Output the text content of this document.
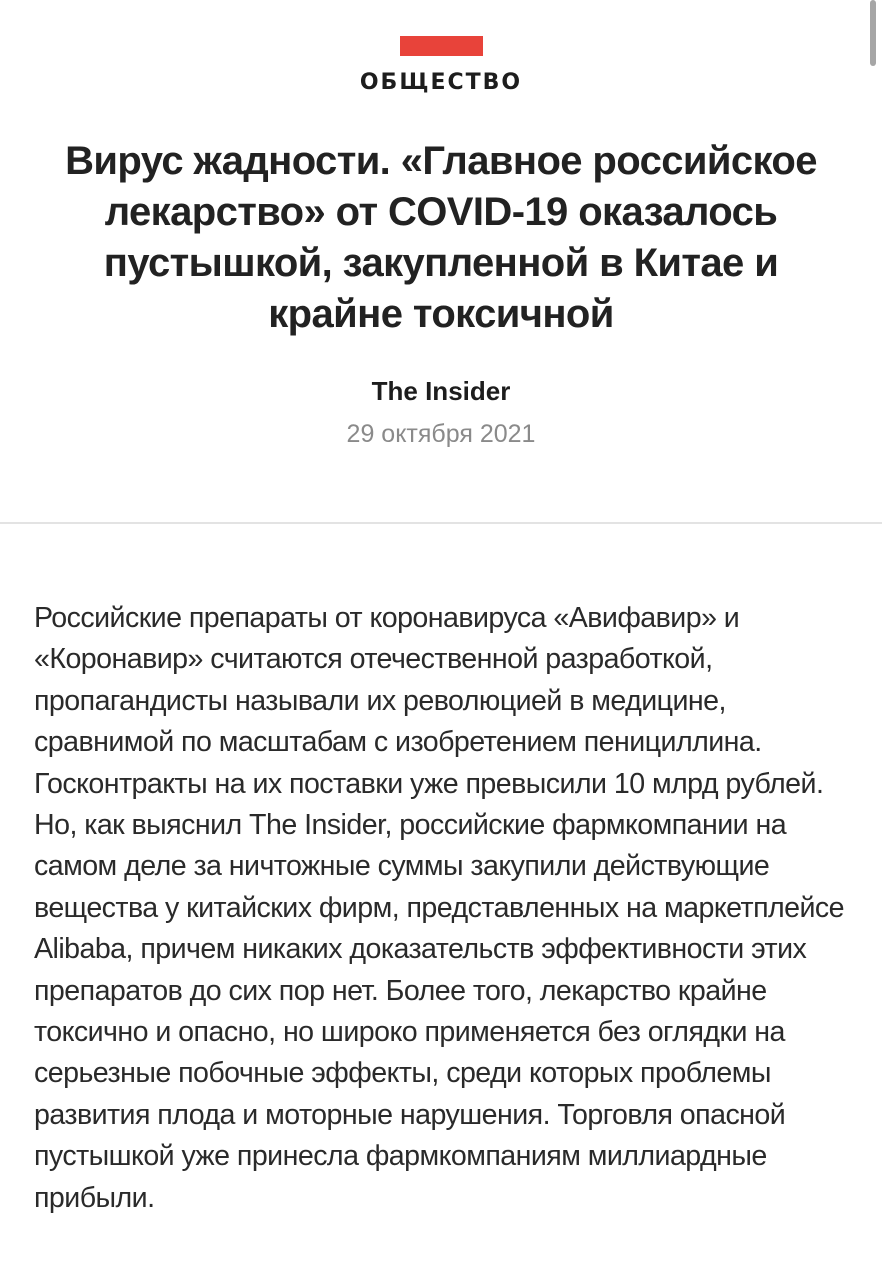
ОБЩЕСТВО
Вирус жадности. «Главное российское лекарство» от COVID-19 оказалось пустышкой, закупленной в Китае и крайне токсичной
The Insider
29 октября 2021

Российские препараты от коронавируса «Авифавир» и «Коронавир» считаются отечественной разработкой, пропагандисты называли их революцией в медицине, сравнимой по масштабам с изобретением пенициллина. Госконтракты на их поставки уже превысили 10 млрд рублей. Но, как выяснил The Insider, российские фармкомпании на самом деле за ничтожные суммы закупили действующие вещества у китайских фирм, представленных на маркетплейсе Alibaba, причем никаких доказательств эффективности этих препаратов до сих пор нет. Более того, лекарство крайне токсично и опасно, но широко применяется без оглядки на серьезные побочные эффекты, среди которых проблемы развития плода и моторные нарушения. Торговля опасной пустышкой уже принесла фармкомпаниям миллиардные прибыли.
